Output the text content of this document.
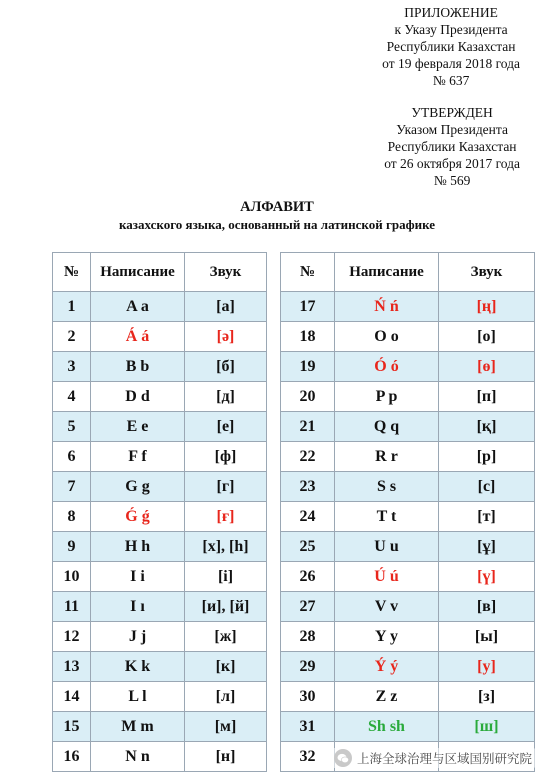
ПРИЛОЖЕНИЕ
к Указу Президента
Республики Казахстан
от 19 февраля 2018 года
№ 637
УТВЕРЖДЕН
Указом Президента
Республики Казахстан
от 26 октября 2017 года
№ 569
АЛФАВИТ
казахского языка, основанный на латинской графике
№	Написание	Звук		№	Написание	Звук
1	A a	[а]		17	Ń ń	[ң]
2	Á á	[ә]		18	O o	[о]
3	B b	[б]		19	Ó ó	[ө]
4	D d	[д]		20	P p	[п]
5	E e	[е]		21	Q q	[қ]
6	F f	[ф]		22	R r	[р]
7	G g	[г]		23	S s	[с]
8	Ǵ ǵ	[ғ]		24	T t	[т]
9	H h	[х], [h]		25	U u	[ұ]
10	I i	[і]		26	Ú ú	[ү]
11	I ı	[и], [й]		27	V v	[в]
12	J j	[ж]		28	Y y	[ы]
13	K k	[к]		29	Ý ý	[у]
14	L l	[л]		30	Z z	[з]
15	M m	[м]		31	Sh sh	[ш]
16	N n	[н]		32			上海全球治理与区域国别研究院
